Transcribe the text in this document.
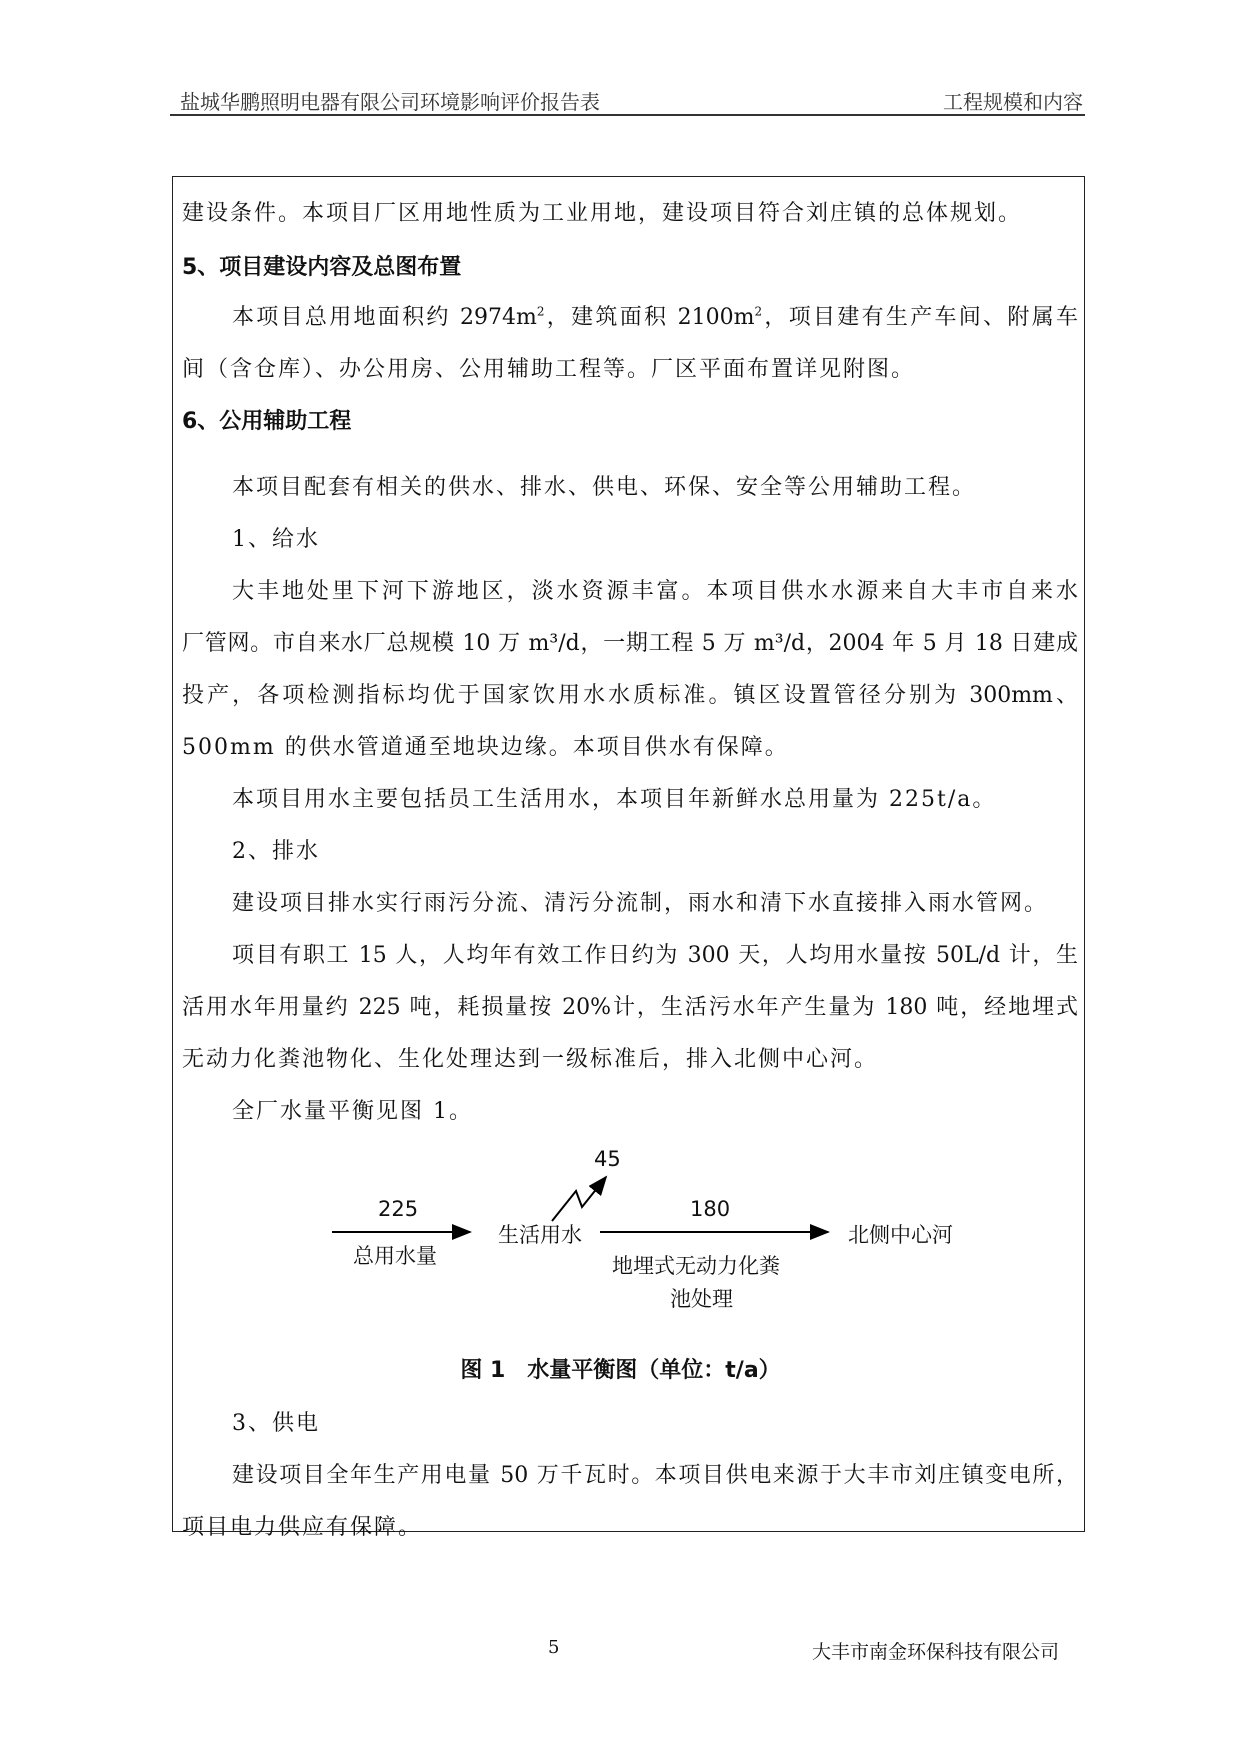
盐城华鹏照明电器有限公司环境影响评价报告表	工程规模和内容
建设条件。本项目厂区用地性质为工业用地，建设项目符合刘庄镇的总体规划。
5、项目建设内容及总图布置
本项目总用地面积约 $2974m^2$，建筑面积 $2100m^2$，项目建有生产车间、附属车
间（含仓库）、办公用房、公用辅助工程等。厂区平面布置详见附图。
6、公用辅助工程
本项目配套有相关的供水、排水、供电、环保、安全等公用辅助工程。
1、给水
大丰地处里下河下游地区，淡水资源丰富。本项目供水水源来自大丰市自来水
厂管网。市自来水厂总规模 10 万 m³/d，一期工程 5 万 m³/d，2004 年 5 月 18 日建成
投产，各项检测指标均优于国家饮用水水质标准。镇区设置管径分别为 300mm、
500mm 的供水管道通至地块边缘。本项目供水有保障。
本项目用水主要包括员工生活用水，本项目年新鲜水总用量为 225t/a。
2、排水
建设项目排水实行雨污分流、清污分流制，雨水和清下水直接排入雨水管网。
项目有职工 15 人，人均年有效工作日约为 300 天，人均用水量按 50L/d 计，生
活用水年用量约 225 吨，耗损量按 20%计，生活污水年产生量为 180 吨，经地埋式
无动力化粪池物化、生化处理达到一级标准后，排入北侧中心河。
全厂水量平衡见图 1。
225
总用水量
生活用水
45
180
地埋式无动力化粪
池处理
北侧中心河
图 1　水量平衡图（单位：t/a）
3、供电
建设项目全年生产用电量 50 万千瓦时。本项目供电来源于大丰市刘庄镇变电所，
项目电力供应有保障。
5	大丰市南金环保科技有限公司
